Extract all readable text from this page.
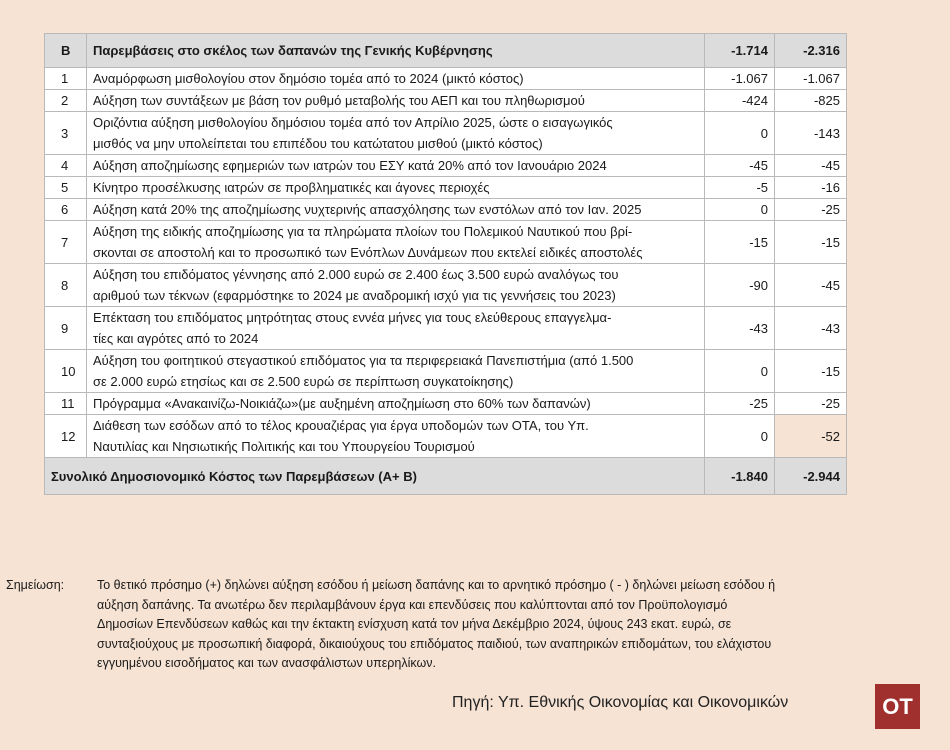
Β	Παρεμβάσεις στο σκέλος των δαπανών της Γενικής Κυβέρνησης	-1.714	-2.316
1	Αναμόρφωση μισθολογίου στον δημόσιο τομέα από το 2024 (μικτό κόστος)	-1.067	-1.067
2	Αύξηση των συντάξεων με βάση τον ρυθμό μεταβολής του ΑΕΠ και του πληθωρισμού	-424	-825
3	Οριζόντια αύξηση μισθολογίου δημόσιου τομέα από τον Απρίλιο 2025, ώστε ο εισαγωγικός
μισθός να μην υπολείπεται του επιπέδου του κατώτατου μισθού (μικτό κόστος)	0	-143
4	Αύξηση αποζημίωσης εφημεριών των ιατρών του ΕΣΥ κατά 20% από τον Ιανουάριο 2024	-45	-45
5	Κίνητρο προσέλκυσης ιατρών σε προβληματικές και άγονες περιοχές	-5	-16
6	Αύξηση κατά 20% της αποζημίωσης νυχτερινής απασχόλησης των ενστόλων από τον Ιαν. 2025	0	-25
7	Αύξηση της ειδικής αποζημίωσης για τα πληρώματα πλοίων του Πολεμικού Ναυτικού που βρί-
σκονται σε αποστολή και το προσωπικό των Ενόπλων Δυνάμεων που εκτελεί ειδικές αποστολές	-15	-15
8	Αύξηση του επιδόματος γέννησης από 2.000 ευρώ σε 2.400 έως 3.500 ευρώ αναλόγως του
αριθμού των τέκνων (εφαρμόστηκε το 2024 με αναδρομική ισχύ για τις γεννήσεις του 2023)	-90	-45
9	Επέκταση του επιδόματος μητρότητας στους εννέα μήνες για τους ελεύθερους επαγγελμα-
τίες και αγρότες από το 2024	-43	-43
10	Αύξηση του φοιτητικού στεγαστικού επιδόματος για τα περιφερειακά Πανεπιστήμια (από 1.500
σε 2.000 ευρώ ετησίως και σε 2.500 ευρώ σε περίπτωση συγκατοίκησης)	0	-15
11	Πρόγραμμα «Ανακαινίζω-Νοικιάζω»(με αυξημένη αποζημίωση στο 60% των δαπανών)	-25	-25
12	Διάθεση των εσόδων από το τέλος κρουαζιέρας για έργα υποδομών των ΟΤΑ, του Υπ.
Ναυτιλίας και Νησιωτικής Πολιτικής και του Υπουργείου Τουρισμού	0	-52
Συνολικό Δημοσιονομικό Κόστος των Παρεμβάσεων (Α+ Β)		-1.840	-2.944
Σημείωση:	Το θετικό πρόσημο (+) δηλώνει αύξηση εσόδου ή μείωση δαπάνης και το αρνητικό πρόσημο ( - ) δηλώνει μείωση εσόδου ή
αύξηση δαπάνης. Τα ανωτέρω δεν περιλαμβάνουν έργα και επενδύσεις που καλύπτονται από τον Προϋπολογισμό
Δημοσίων Επενδύσεων καθώς και την έκτακτη ενίσχυση κατά τον μήνα Δεκέμβριο 2024, ύψους 243 εκατ. ευρώ, σε
συνταξιούχους με προσωπική διαφορά, δικαιούχους του επιδόματος παιδιού, των αναπηρικών επιδομάτων, του ελάχιστου
εγγυημένου εισοδήματος και των ανασφάλιστων υπερηλίκων.
Πηγή: Υπ. Εθνικής Οικονομίας και Οικονομικών	ΟΤ
